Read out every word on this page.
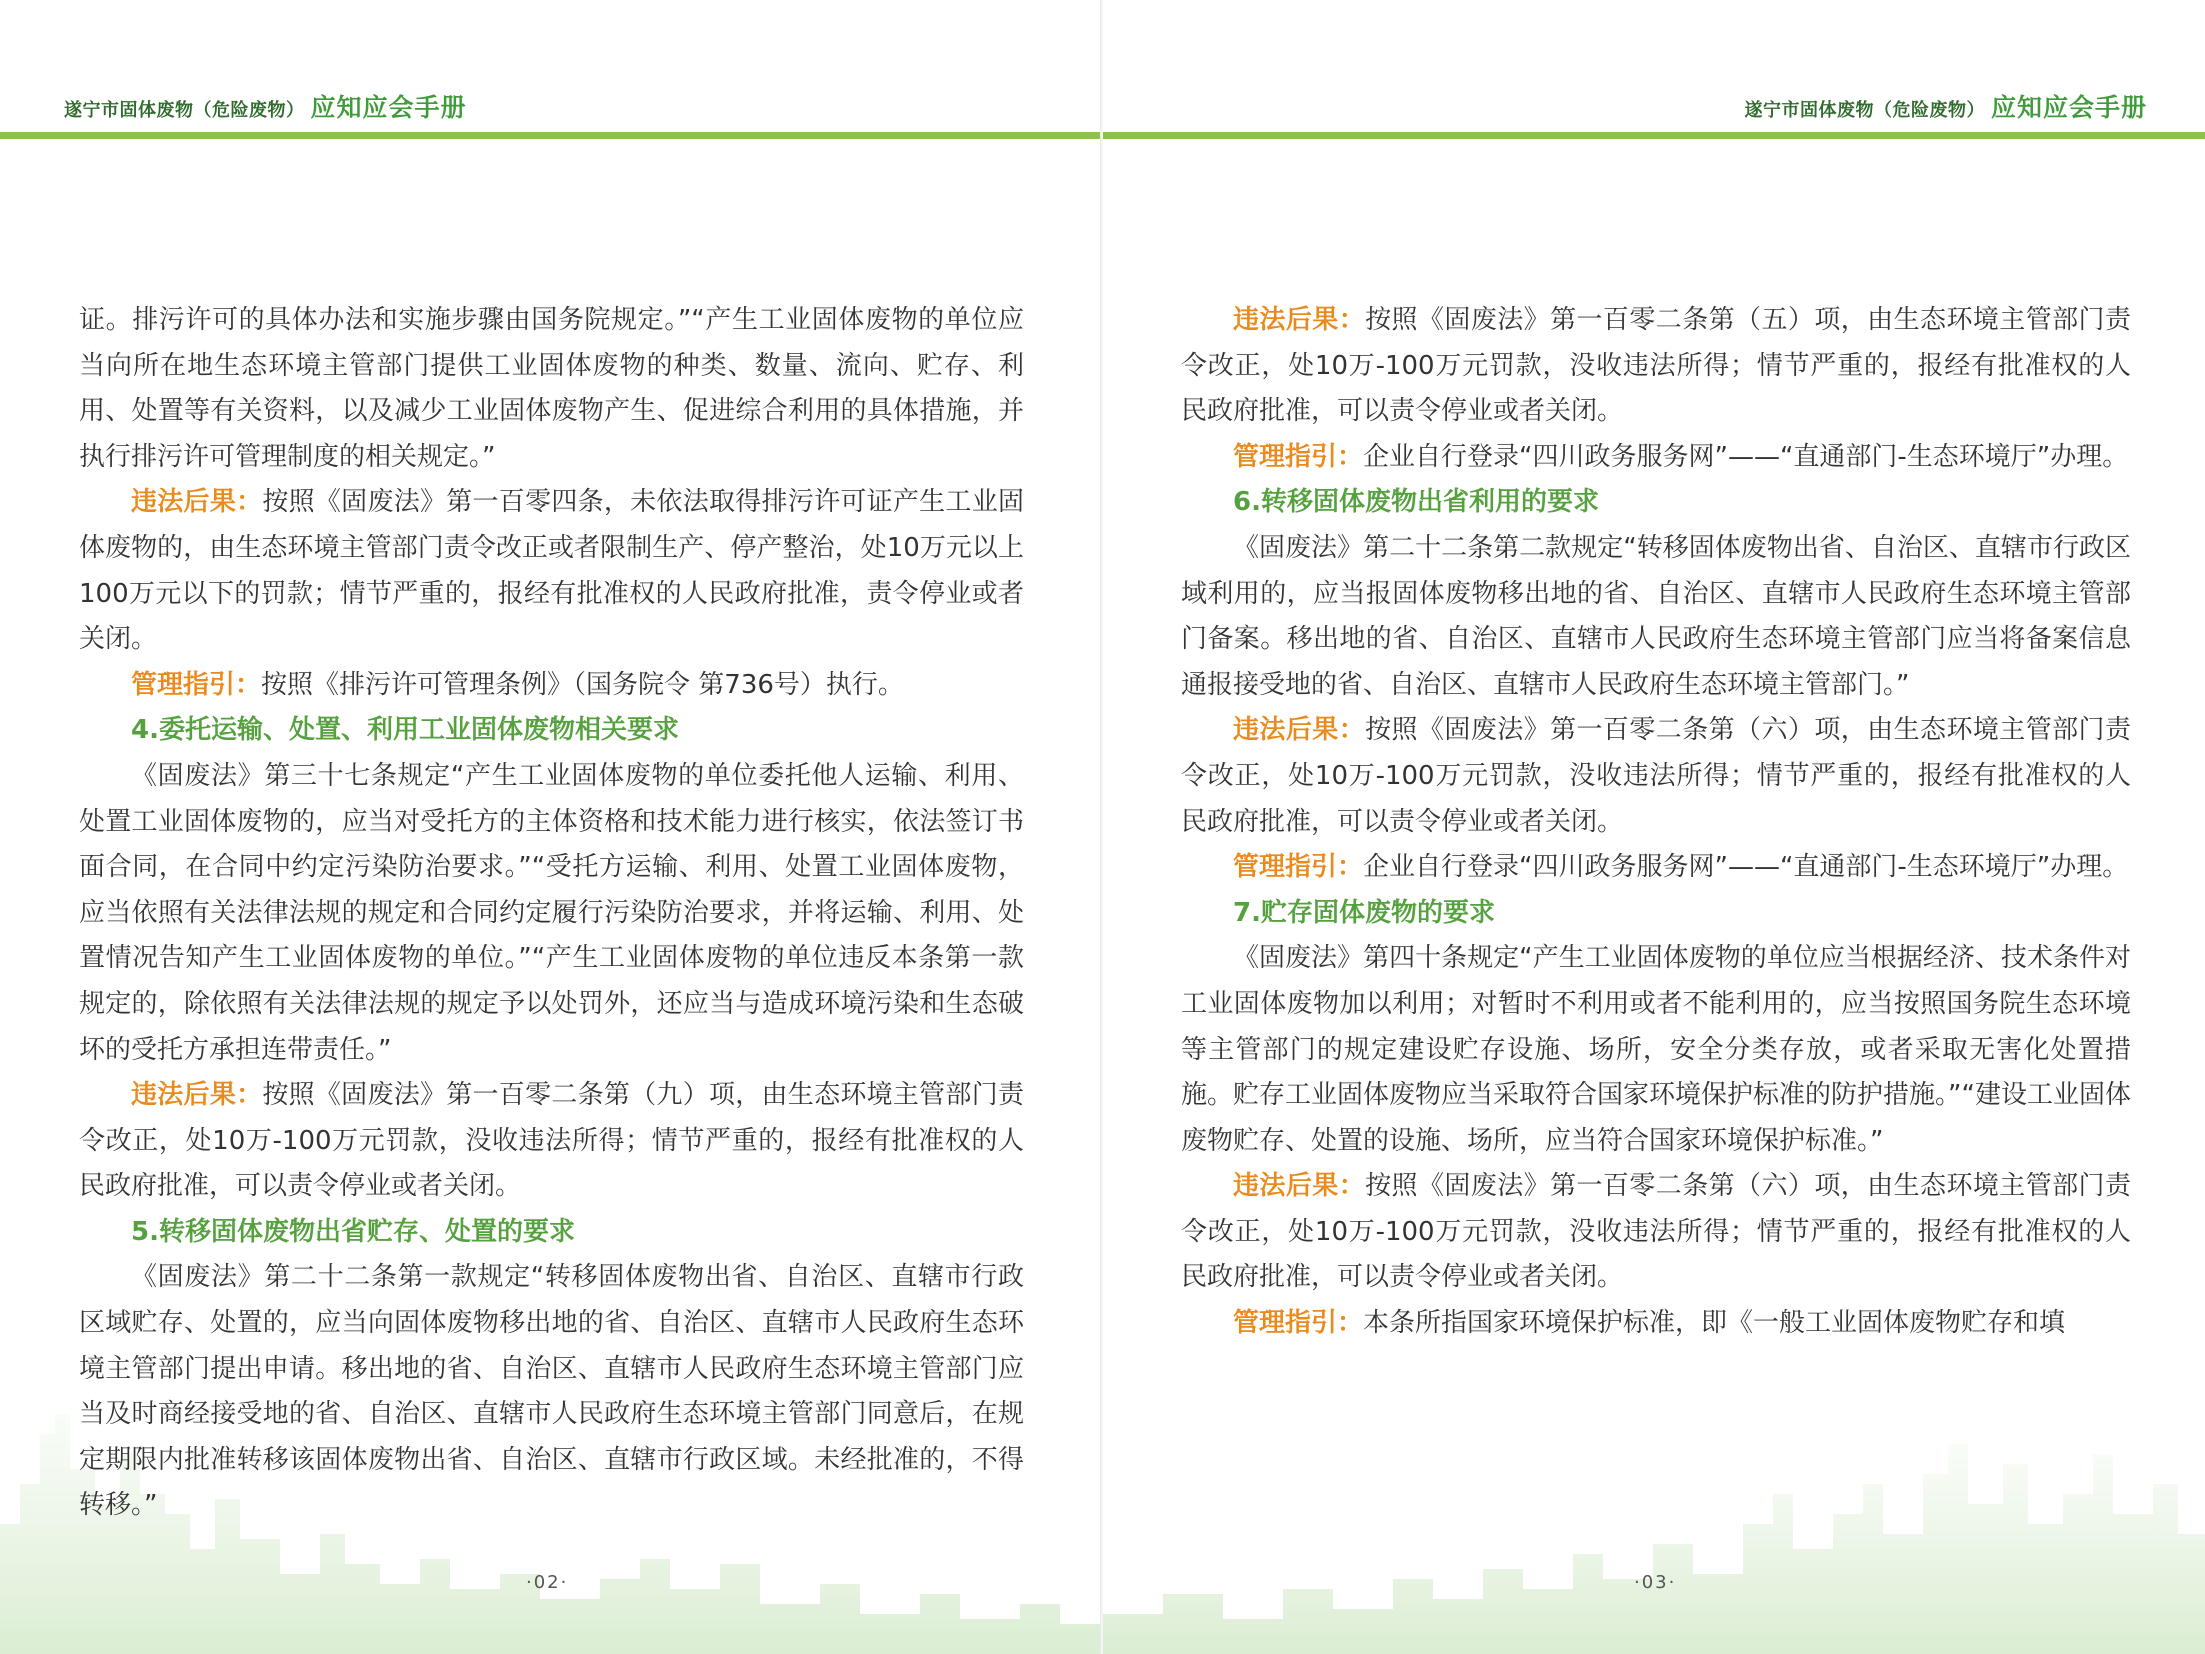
遂宁市固体废物（危险废物） 应知应会手册

证。排污许可的具体办法和实施步骤由国务院规定。”“产生工业固体废物的单位应当向所在地生态环境主管部门提供工业固体废物的种类、数量、流向、贮存、利用、处置等有关资料，以及减少工业固体废物产生、促进综合利用的具体措施，并执行排污许可管理制度的相关规定。”

违法后果：按照《固废法》第一百零四条，未依法取得排污许可证产生工业固体废物的，由生态环境主管部门责令改正或者限制生产、停产整治，处10万元以上100万元以下的罚款；情节严重的，报经有批准权的人民政府批准，责令停业或者关闭。

管理指引：按照《排污许可管理条例》（国务院令 第736号）执行。

4.委托运输、处置、利用工业固体废物相关要求

《固废法》第三十七条规定“产生工业固体废物的单位委托他人运输、利用、处置工业固体废物的，应当对受托方的主体资格和技术能力进行核实，依法签订书面合同，在合同中约定污染防治要求。”“受托方运输、利用、处置工业固体废物，应当依照有关法律法规的规定和合同约定履行污染防治要求，并将运输、利用、处置情况告知产生工业固体废物的单位。”“产生工业固体废物的单位违反本条第一款规定的，除依照有关法律法规的规定予以处罚外，还应当与造成环境污染和生态破坏的受托方承担连带责任。”

违法后果：按照《固废法》第一百零二条第（九）项，由生态环境主管部门责令改正，处10万-100万元罚款，没收违法所得；情节严重的，报经有批准权的人民政府批准，可以责令停业或者关闭。

5.转移固体废物出省贮存、处置的要求

《固废法》第二十二条第一款规定“转移固体废物出省、自治区、直辖市行政区域贮存、处置的，应当向固体废物移出地的省、自治区、直辖市人民政府生态环境主管部门提出申请。移出地的省、自治区、直辖市人民政府生态环境主管部门应当及时商经接受地的省、自治区、直辖市人民政府生态环境主管部门同意后，在规定期限内批准转移该固体废物出省、自治区、直辖市行政区域。未经批准的，不得转移。”

·02·
遂宁市固体废物（危险废物） 应知应会手册

违法后果：按照《固废法》第一百零二条第（五）项，由生态环境主管部门责令改正，处10万-100万元罚款，没收违法所得；情节严重的，报经有批准权的人民政府批准，可以责令停业或者关闭。

管理指引：企业自行登录“四川政务服务网”——“直通部门-生态环境厅”办理。

6.转移固体废物出省利用的要求

《固废法》第二十二条第二款规定“转移固体废物出省、自治区、直辖市行政区域利用的，应当报固体废物移出地的省、自治区、直辖市人民政府生态环境主管部门备案。移出地的省、自治区、直辖市人民政府生态环境主管部门应当将备案信息通报接受地的省、自治区、直辖市人民政府生态环境主管部门。”

违法后果：按照《固废法》第一百零二条第（六）项，由生态环境主管部门责令改正，处10万-100万元罚款，没收违法所得；情节严重的，报经有批准权的人民政府批准，可以责令停业或者关闭。

管理指引：企业自行登录“四川政务服务网”——“直通部门-生态环境厅”办理。

7.贮存固体废物的要求

《固废法》第四十条规定“产生工业固体废物的单位应当根据经济、技术条件对工业固体废物加以利用；对暂时不利用或者不能利用的，应当按照国务院生态环境等主管部门的规定建设贮存设施、场所，安全分类存放，或者采取无害化处置措施。贮存工业固体废物应当采取符合国家环境保护标准的防护措施。”“建设工业固体废物贮存、处置的设施、场所，应当符合国家环境保护标准。”

违法后果：按照《固废法》第一百零二条第（六）项，由生态环境主管部门责令改正，处10万-100万元罚款，没收违法所得；情节严重的，报经有批准权的人民政府批准，可以责令停业或者关闭。

管理指引：本条所指国家环境保护标准，即《一般工业固体废物贮存和填

·03·
